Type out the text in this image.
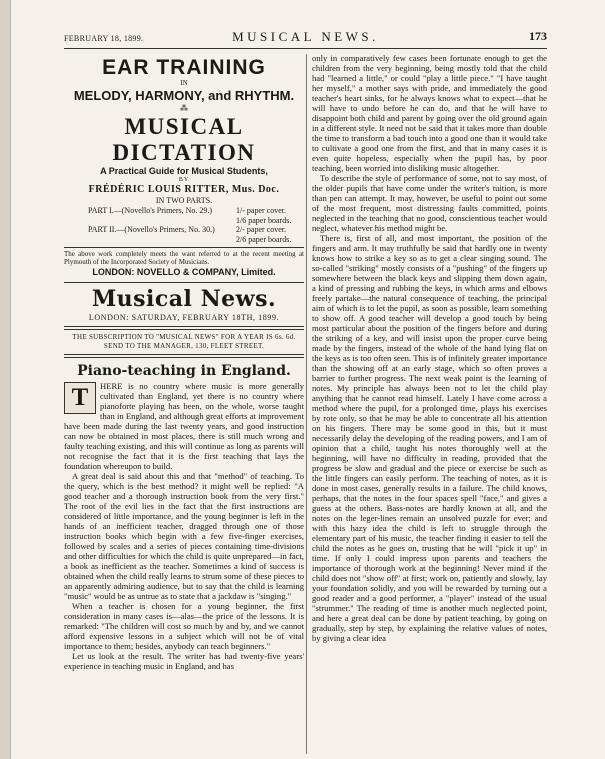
FEBRUARY 18, 1899.	MUSICAL NEWS.	173
EAR TRAINING
IN
MELODY, HARMONY, and RHYTHM.
⁂
MUSICAL DICTATION
A Practical Guide for Musical Students,
BY
FRÉDÉRIC LOUIS RITTER, Mus. Doc.
IN TWO PARTS.
PART I.—(Novello's Primers, No. 29.)	1/- paper cover.
1/6 paper boards.
PART II.—(Novello's Primers, No. 30.)	2/- paper cover.
2/6 paper boards.
The above work completely meets the want referred to at the recent meeting at Plymouth of the Incorporated Society of Musicians.
LONDON: NOVELLO & COMPANY, Limited.
Musical News.
LONDON: SATURDAY, FEBRUARY 18TH, 1899.
THE SUBSCRIPTION TO "MUSICAL NEWS" FOR A YEAR IS 6s. 6d.
SEND TO THE MANAGER, 130, FLEET STREET.
Piano-teaching in England.
T	HERE is no country where music is more generally cultivated than England, yet there is no country where pianoforte playing has been, on the whole, worse taught than in England, and although great efforts at improvement have been made during the last twenty years, and good instruction can now be obtained in most places, there is still much wrong and faulty teaching existing, and this will continue as long as parents will not recognise the fact that it is the first teaching that lays the foundation whereupon to build.

A great deal is said about this and that "method" of teaching. To the query, which is the best method? it might well be replied: "A good teacher and a thorough instruction book from the very first." The root of the evil lies in the fact that the first instructions are considered of little importance, and the young beginner is left in the hands of an inefficient teacher, dragged through one of those instruction books which begin with a few five-finger exercises, followed by scales and a series of pieces containing time-divisions and other difficulties for which the child is quite unprepared—in fact, a book as inefficient as the teacher. Sometimes a kind of success is obtained when the child really learns to strum some of these pieces to an apparently admiring audience, but to say that the child is learning "music" would be as untrue as to state that a jackdaw is "singing."

When a teacher is chosen for a young beginner, the first consideration in many cases is—alas—the price of the lessons. It is remarked: "The children will cost so much by and by, and we cannot afford expensive lessons in a subject which will not be of vital importance to them; besides, anybody can teach beginners."

Let us look at the result. The writer has had twenty-five years' experience in teaching music in England, and has

only in comparatively few cases been fortunate enough to get the children from the very beginning, being mostly told that the child had "learned a little," or could "play a little piece." "I have taught her myself," a mother says with pride, and immediately the good teacher's heart sinks, for he always knows what to expect—that he will have to undo before he can do, and that he will have to disappoint both child and parent by going over the old ground again in a different style. It need not be said that it takes more than double the time to transform a bad touch into a good one than it would take to cultivate a good one from the first, and that in many cases it is even quite hopeless, especially when the pupil has, by poor teaching, been worried into disliking music altogether.

To describe the style of performance of some, not to say most, of the older pupils that have come under the writer's tuition, is more than pen can attempt. It may, however, be useful to point out some of the most frequent, most distressing faults committed, points neglected in the teaching that no good, conscientious teacher would neglect, whatever his method might be.

There is, first of all, and most important, the position of the fingers and arm. It may truthfully be said that hardly one in twenty knows how to strike a key so as to get a clear singing sound. The so-called "striking" mostly consists of a "pushing" of the fingers up somewhere between the black keys and slipping them down again, a kind of pressing and rubbing the keys, in which arms and elbows freely partake—the natural consequence of teaching, the principal aim of which is to let the pupil, as soon as possible, learn something to show off. A good teacher will develop a good touch by being most particular about the position of the fingers before and during the striking of a key, and will insist upon the proper curve being made by the fingers, instead of the whole of the hand lying flat on the keys as is too often seen. This is of infinitely greater importance than the showing off at an early stage, which so often proves a barrier to further progress. The next weak point is the learning of notes. My principle has always been not to let the child play anything that he cannot read himself. Lately I have come across a method where the pupil, for a prolonged time, plays his exercises by rote only, so that he may be able to concentrate all his attention on his fingers. There may be some good in this, but it must necessarily delay the developing of the reading powers, and I am of opinion that a child, taught his notes thoroughly well at the beginning, will have no difficulty in reading, provided that the progress be slow and gradual and the piece or exercise be such as the little fingers can easily perform. The teaching of notes, as it is done in most cases, generally results in a failure. The child knows, perhaps, that the notes in the four spaces spell "face," and gives a guess at the others. Bass-notes are hardly known at all, and the notes on the leger-lines remain an unsolved puzzle for ever; and with this hazy idea the child is left to struggle through the elementary part of his music, the teacher finding it easier to tell the child the notes as he goes on, trusting that he will "pick it up" in time. If only I could impress upon parents and teachers the importance of thorough work at the beginning! Never mind if the child does not "show off" at first; work on, patiently and slowly, lay your foundation solidly, and you will be rewarded by turning out a good reader and a good performer, a "player" instead of the usual "strummer." The reading of time is another much neglected point, and here a great deal can be done by patient teaching, by going on gradually, step by step, by explaining the relative values of notes, by giving a clear idea
